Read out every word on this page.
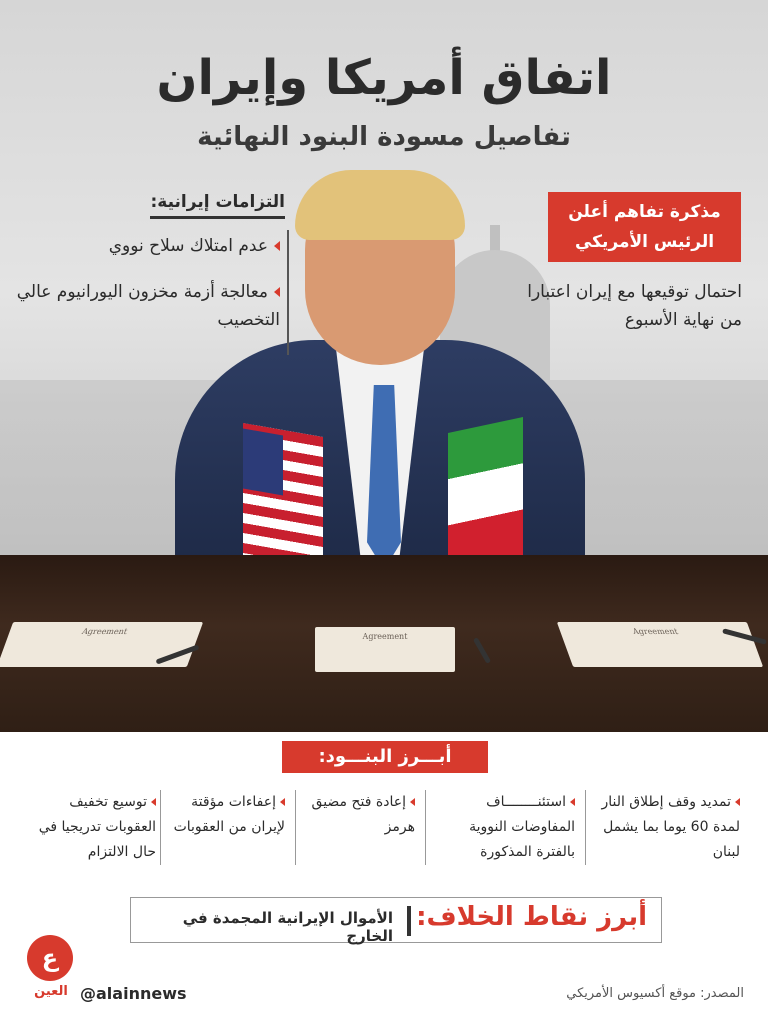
Agreement
Agreement
Agreement
اتفاق أمريكا وإيران
تفاصيل مسودة البنود النهائية
التزامات إيرانية:
عدم امتلاك سلاح نووي
معالجة أزمة مخزون اليورانيوم عالي التخصيب
مذكرة تفاهم أعلن
الرئيس الأمريكي
احتمال توقيعها مع إيران اعتبارا من نهاية الأسبوع
أبـــرز البنـــود:
تمديد وقف إطلاق النار لمدة 60 يوما بما يشمل لبنان
استئنــــــــاف المفاوضات النووية بالفترة المذكورة
إعادة فتح مضيق هرمز
إعفاءات مؤقتة لإيران من العقوبات
توسيع تخفيف العقوبات تدريجيا في حال الالتزام
أبرز نقاط الخلاف:
الأموال الإيرانية المجمدة في الخارج
ع
العين @alainnews	المصدر: موقع أكسيوس الأمريكي
